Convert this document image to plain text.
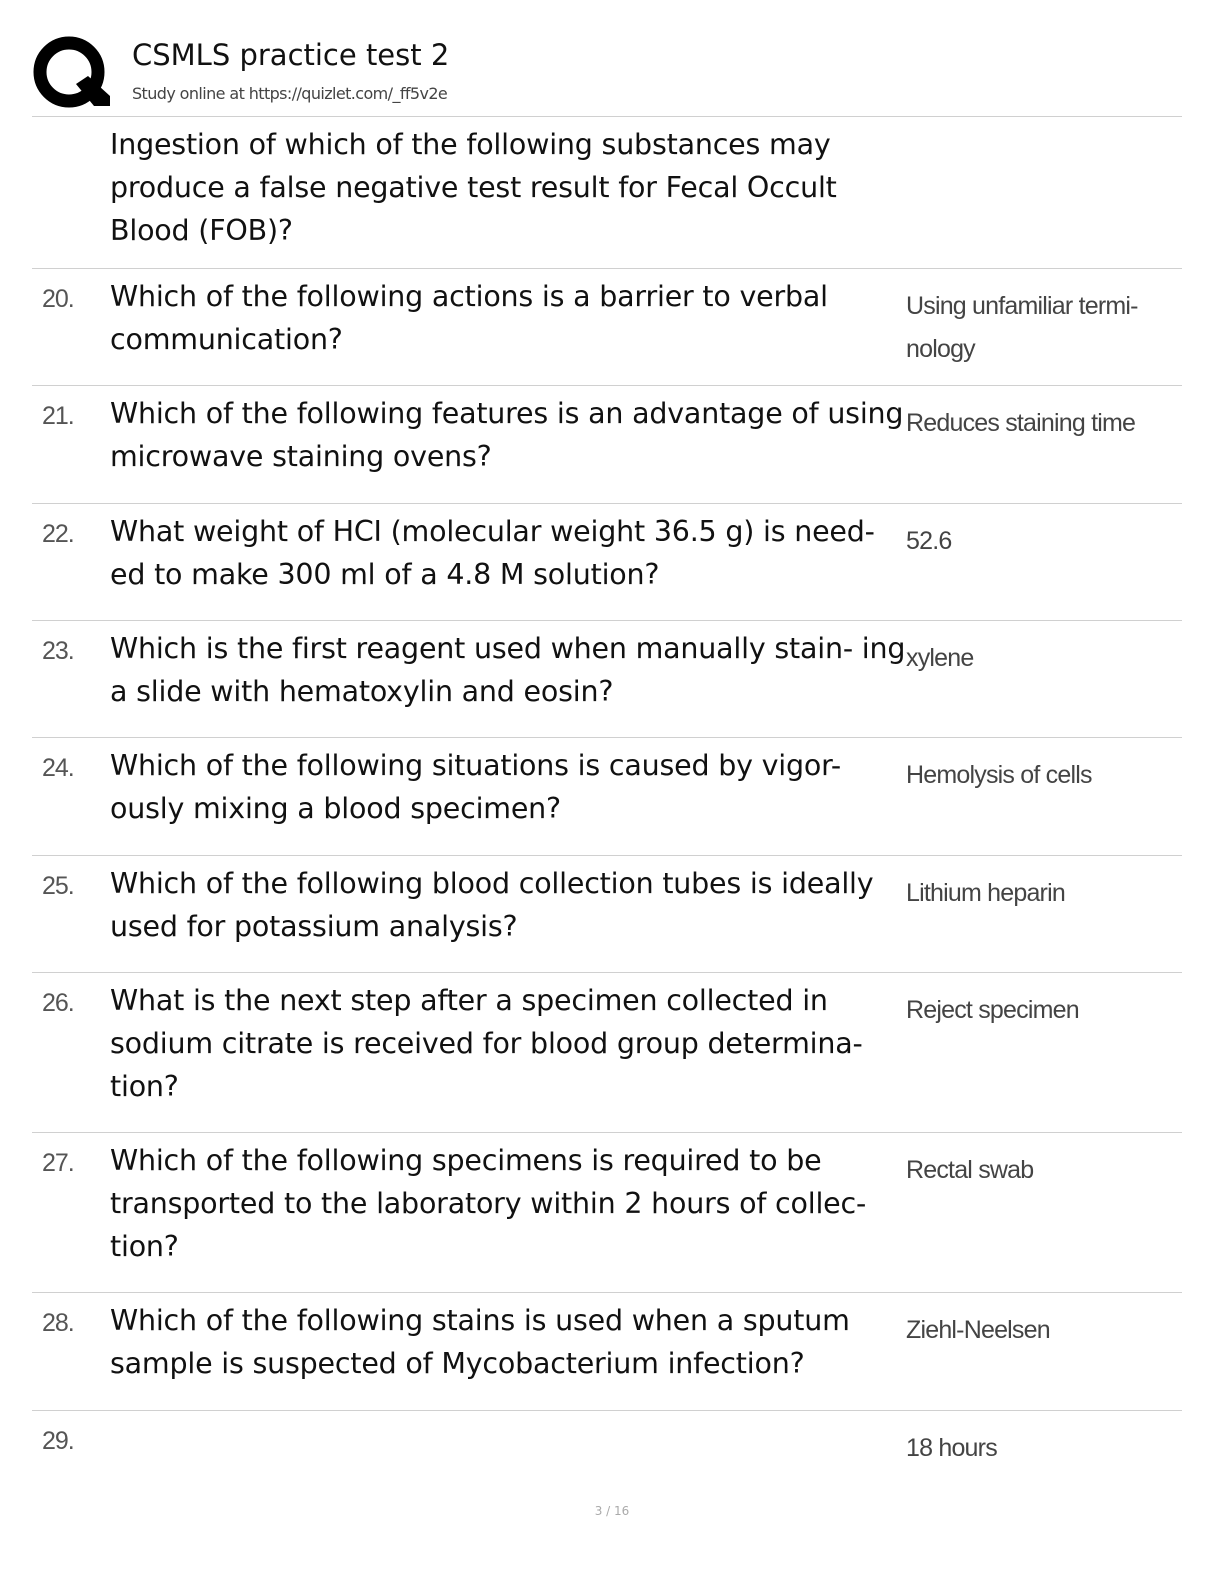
CSMLS practice test 2
Study online at https://quizlet.com/_ff5v2e
Ingestion of which of the following substances may produce a false negative test result for Fecal Occult Blood (FOB)?
20. Which of the following actions is a barrier to verbal communication?
Using unfamiliar termi- nology
21. Which of the following features is an advantage of using microwave staining ovens?
Reduces staining time
22. What weight of HCI (molecular weight 36.5 g) is need- ed to make 300 ml of a 4.8 M solution?
52.6
23. Which is the first reagent used when manually stain- ing a slide with hematoxylin and eosin?
xylene
24. Which of the following situations is caused by vigor- ously mixing a blood specimen?
Hemolysis of cells
25. Which of the following blood collection tubes is ideally used for potassium analysis?
Lithium heparin
26. What is the next step after a specimen collected in sodium citrate is received for blood group determina- tion?
Reject specimen
27. Which of the following specimens is required to be transported to the laboratory within 2 hours of collec- tion?
Rectal swab
28. Which of the following stains is used when a sputum sample is suspected of Mycobacterium infection?
Ziehl-Neelsen
29.	18 hours
3 / 16
